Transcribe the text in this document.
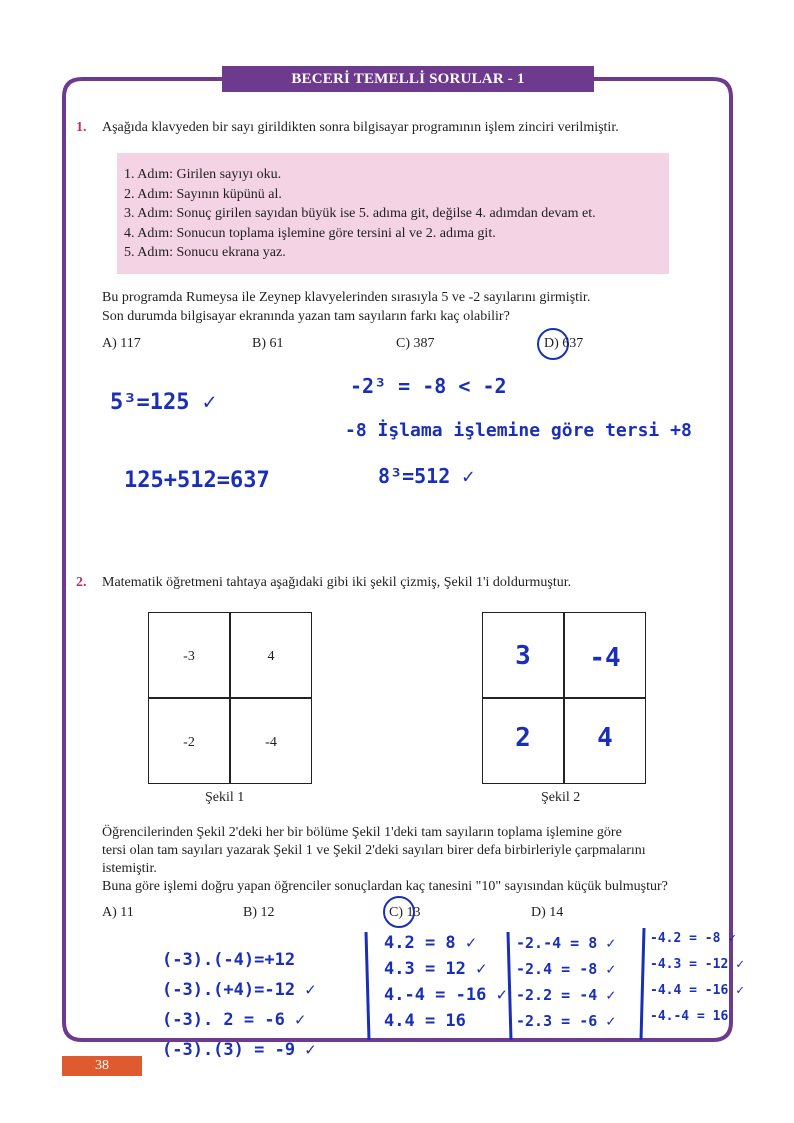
BECERİ TEMELLİ SORULAR - 1
1. Aşağıda klavyeden bir sayı girildikten sonra bilgisayar programının işlem zinciri verilmiştir.
1. Adım: Girilen sayıyı oku.
2. Adım: Sayının küpünü al.
3. Adım: Sonuç girilen sayıdan büyük ise 5. adıma git, değilse 4. adımdan devam et.
4. Adım: Sonucun toplama işlemine göre tersini al ve 2. adıma git.
5. Adım: Sonucu ekrana yaz.
Bu programda Rumeysa ile Zeynep klavyelerinden sırasıyla 5 ve -2 sayılarını girmiştir.
Son durumda bilgisayar ekranında yazan tam sayıların farkı kaç olabilir?
A) 117	B) 61	C) 387	D) 637
5³=125 ✓
-2³ = -8 < -2
-8 İşlama işlemine göre tersi +8
125+512=637	8³=512 ✓
2. Matematik öğretmeni tahtaya aşağıdaki gibi iki şekil çizmiş, Şekil 1'i doldurmuştur.
-3	4
-2	-4
Şekil 1
3	-4
2	4
Şekil 2
Öğrencilerinden Şekil 2'deki her bir bölüme Şekil 1'deki tam sayıların toplama işlemine göre
tersi olan tam sayıları yazarak Şekil 1 ve Şekil 2'deki sayıları birer defa birbirleriyle çarpmalarını
istemiştir.
Buna göre işlemi doğru yapan öğrenciler sonuçlardan kaç tanesini "10" sayısından küçük bulmuştur?
A) 11	B) 12	C) 13	D) 14
(-3).(-4)=+12
(-3).(+4)=-12 ✓
(-3). 2 = -6 ✓
(-3).(3) = -9 ✓
4.2 = 8 ✓
4.3 = 12 ✓
4.-4 = -16 ✓
4.4 = 16
-2.-4 = 8 ✓
-2.4 = -8 ✓
-2.2 = -4 ✓
-2.3 = -6 ✓
-4.2 = -8 ✓
-4.3 = -12 ✓
-4.4 = -16 ✓
-4.-4 = 16
38
